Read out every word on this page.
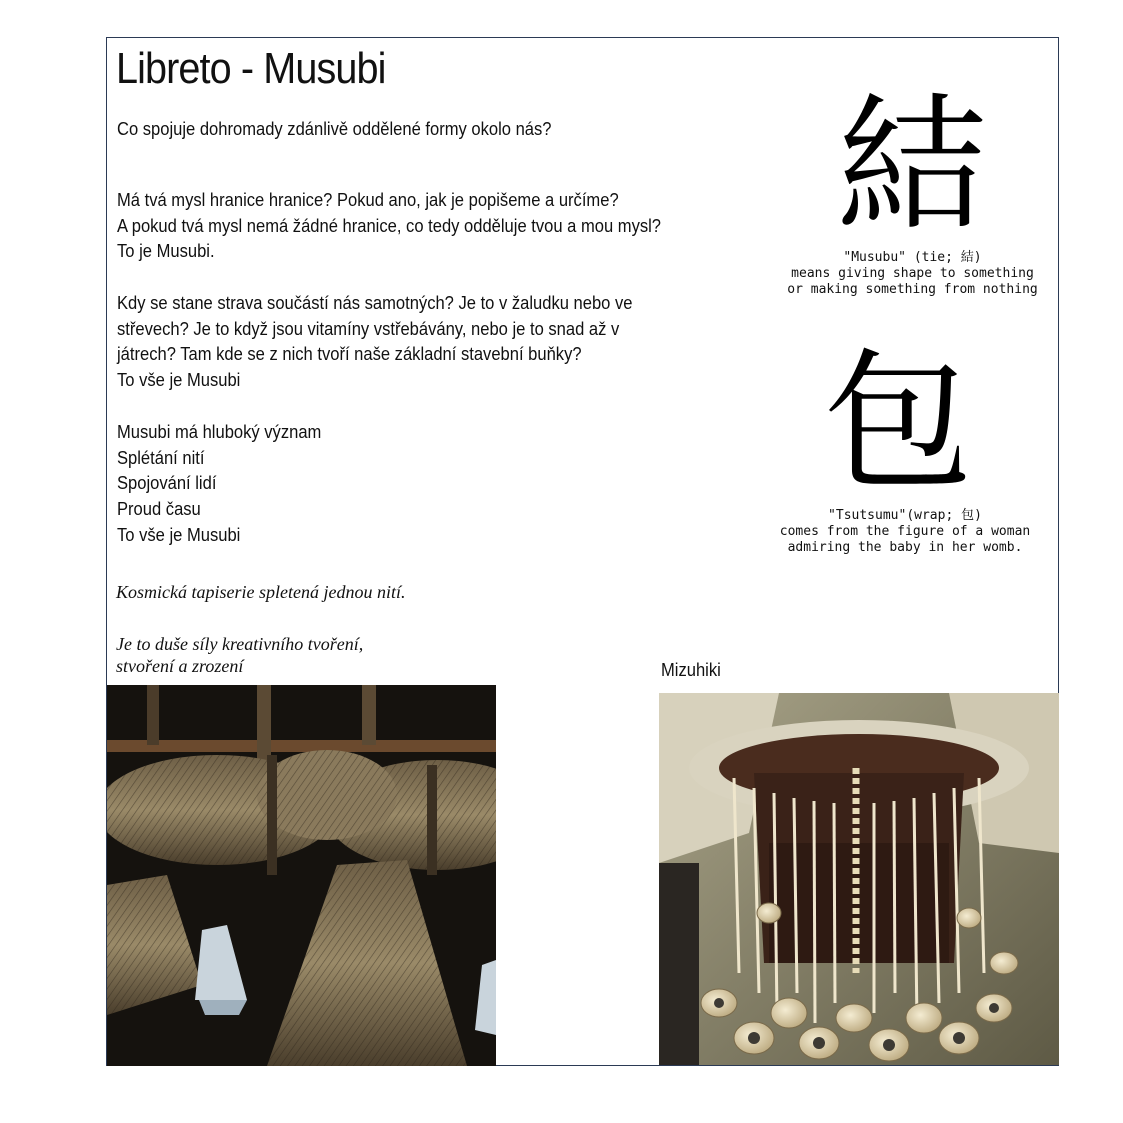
Libreto - Musubi
Co spojuje dohromady zdánlivě oddělené formy okolo nás?
Má tvá mysl hranice hranice? Pokud ano, jak je popišeme a určíme?
A pokud tvá mysl nemá žádné hranice, co tedy odděluje tvou a mou mysl?
To je Musubi.
Kdy se stane strava součástí nás samotných? Je to v žaludku nebo ve
střevech? Je to když jsou vitamíny vstřebávány, nebo je to snad až v
játrech? Tam kde se z nich tvoří naše základní stavební buňky?
To vše je Musubi
Musubi má hluboký význam
Splétání nití
Spojování lidí
Proud času
To vše je Musubi
Kosmická tapiserie spletená jednou nití.
Je to duše síly kreativního tvoření,
stvoření a zrození
結
"Musubu" (tie; 結)
means giving shape to something
or making something from nothing
包
"Tsutsumu"(wrap; 包)
comes from the figure of a woman
admiring the baby in her womb.
Mizuhiki
